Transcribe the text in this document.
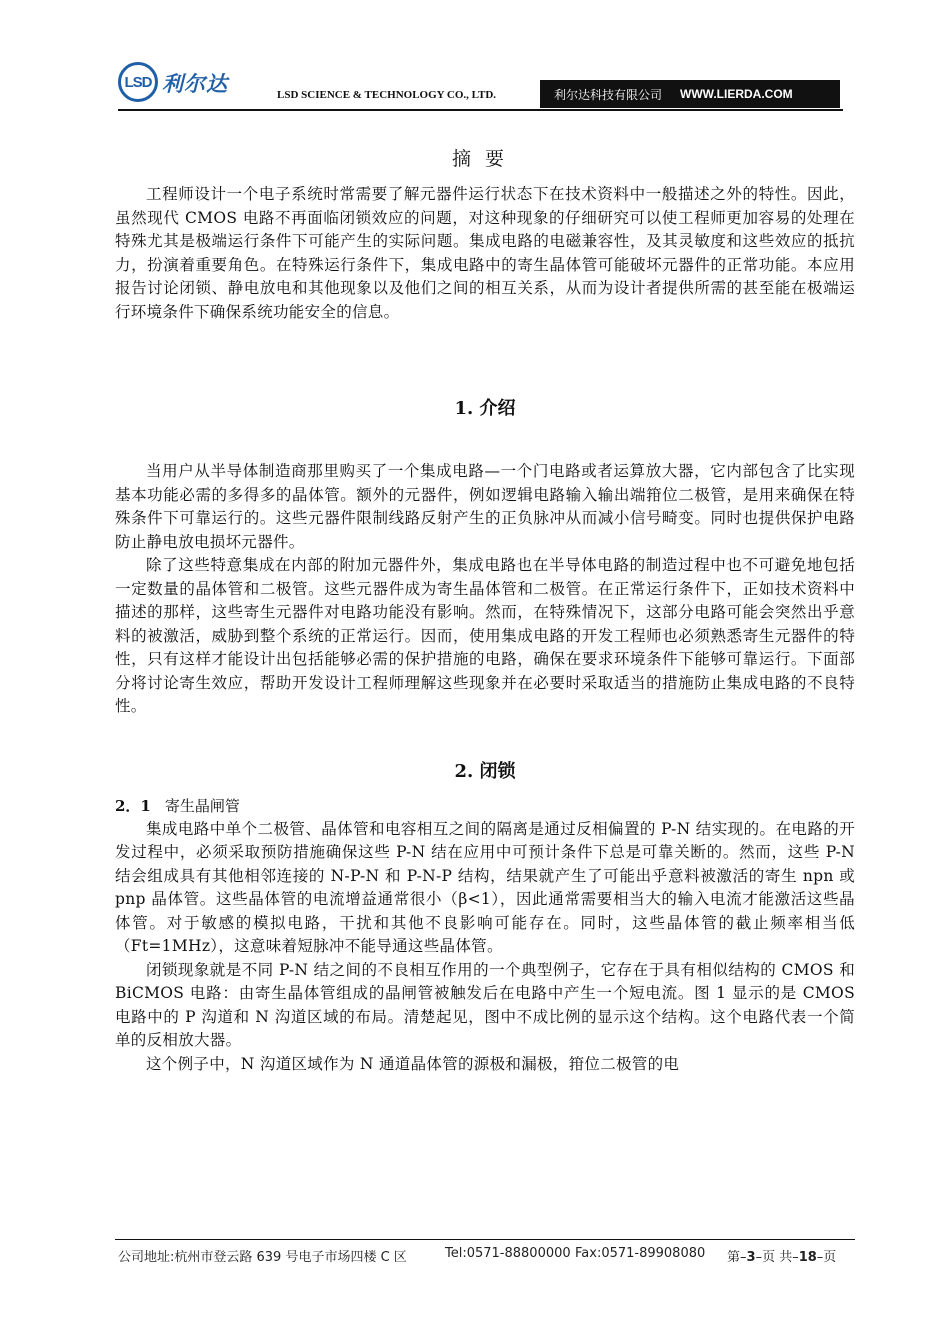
LSD 利尔达	LSD SCIENCE & TECHNOLOGY CO., LTD.	利尔达科技有限公司 WWW.LIERDA.COM
摘要

工程师设计一个电子系统时常需要了解元器件运行状态下在技术资料中一般描述之外的特性。因此，虽然现代 CMOS 电路不再面临闭锁效应的问题，对这种现象的仔细研究可以使工程师更加容易的处理在特殊尤其是极端运行条件下可能产生的实际问题。集成电路的电磁兼容性，及其灵敏度和这些效应的抵抗力，扮演着重要角色。在特殊运行条件下，集成电路中的寄生晶体管可能破坏元器件的正常功能。本应用报告讨论闭锁、静电放电和其他现象以及他们之间的相互关系，从而为设计者提供所需的甚至能在极端运行环境条件下确保系统功能安全的信息。

1. 介绍

当用户从半导体制造商那里购买了一个集成电路—一个门电路或者运算放大器，它内部包含了比实现基本功能必需的多得多的晶体管。额外的元器件，例如逻辑电路输入输出端箝位二极管，是用来确保在特殊条件下可靠运行的。这些元器件限制线路反射产生的正负脉冲从而减小信号畸变。同时也提供保护电路防止静电放电损坏元器件。

除了这些特意集成在内部的附加元器件外，集成电路也在半导体电路的制造过程中也不可避免地包括一定数量的晶体管和二极管。这些元器件成为寄生晶体管和二极管。在正常运行条件下，正如技术资料中描述的那样，这些寄生元器件对电路功能没有影响。然而，在特殊情况下，这部分电路可能会突然出乎意料的被激活，威胁到整个系统的正常运行。因而，使用集成电路的开发工程师也必须熟悉寄生元器件的特性，只有这样才能设计出包括能够必需的保护措施的电路，确保在要求环境条件下能够可靠运行。下面部分将讨论寄生效应，帮助开发设计工程师理解这些现象并在必要时采取适当的措施防止集成电路的不良特性。

2. 闭锁
2．1 寄生晶闸管

集成电路中单个二极管、晶体管和电容相互之间的隔离是通过反相偏置的 P-N 结实现的。在电路的开发过程中，必须采取预防措施确保这些 P-N 结在应用中可预计条件下总是可靠关断的。然而，这些 P-N 结会组成具有其他相邻连接的 N-P-N 和 P-N-P 结构，结果就产生了可能出乎意料被激活的寄生 npn 或 pnp 晶体管。这些晶体管的电流增益通常很小（β<1），因此通常需要相当大的输入电流才能激活这些晶体管。对于敏感的模拟电路，干扰和其他不良影响可能存在。同时，这些晶体管的截止频率相当低（Ft=1MHz），这意味着短脉冲不能导通这些晶体管。

闭锁现象就是不同 P-N 结之间的不良相互作用的一个典型例子，它存在于具有相似结构的 CMOS 和 BiCMOS 电路：由寄生晶体管组成的晶闸管被触发后在电路中产生一个短电流。图 1 显示的是 CMOS 电路中的 P 沟道和 N 沟道区域的布局。清楚起见，图中不成比例的显示这个结构。这个电路代表一个简单的反相放大器。

这个例子中，N 沟道区域作为 N 通道晶体管的源极和漏极，箝位二极管的电

公司地址:杭州市登云路 639 号电子市场四楼 C 区	Tel:0571-88800000 Fax:0571-89908080 第–3–页 共–18–页
